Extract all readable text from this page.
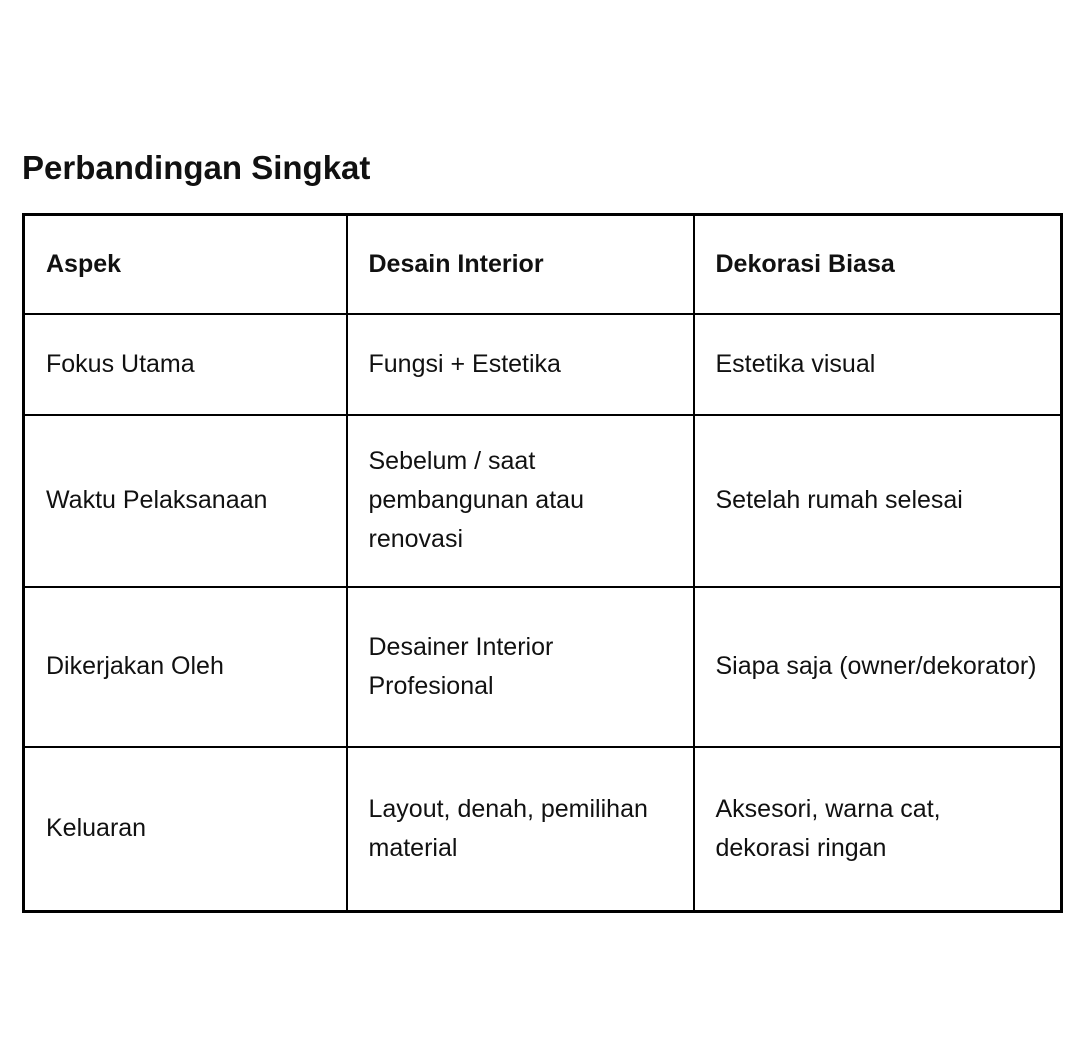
Perbandingan Singkat
Aspek	Desain Interior	Dekorasi Biasa
Fokus Utama	Fungsi + Estetika	Estetika visual
Waktu Pelaksanaan	Sebelum / saat pembangunan atau renovasi	Setelah rumah selesai
Dikerjakan Oleh	Desainer Interior Profesional	Siapa saja (owner/dekorator)
Keluaran	Layout, denah, pemilihan material	Aksesori, warna cat, dekorasi ringan
